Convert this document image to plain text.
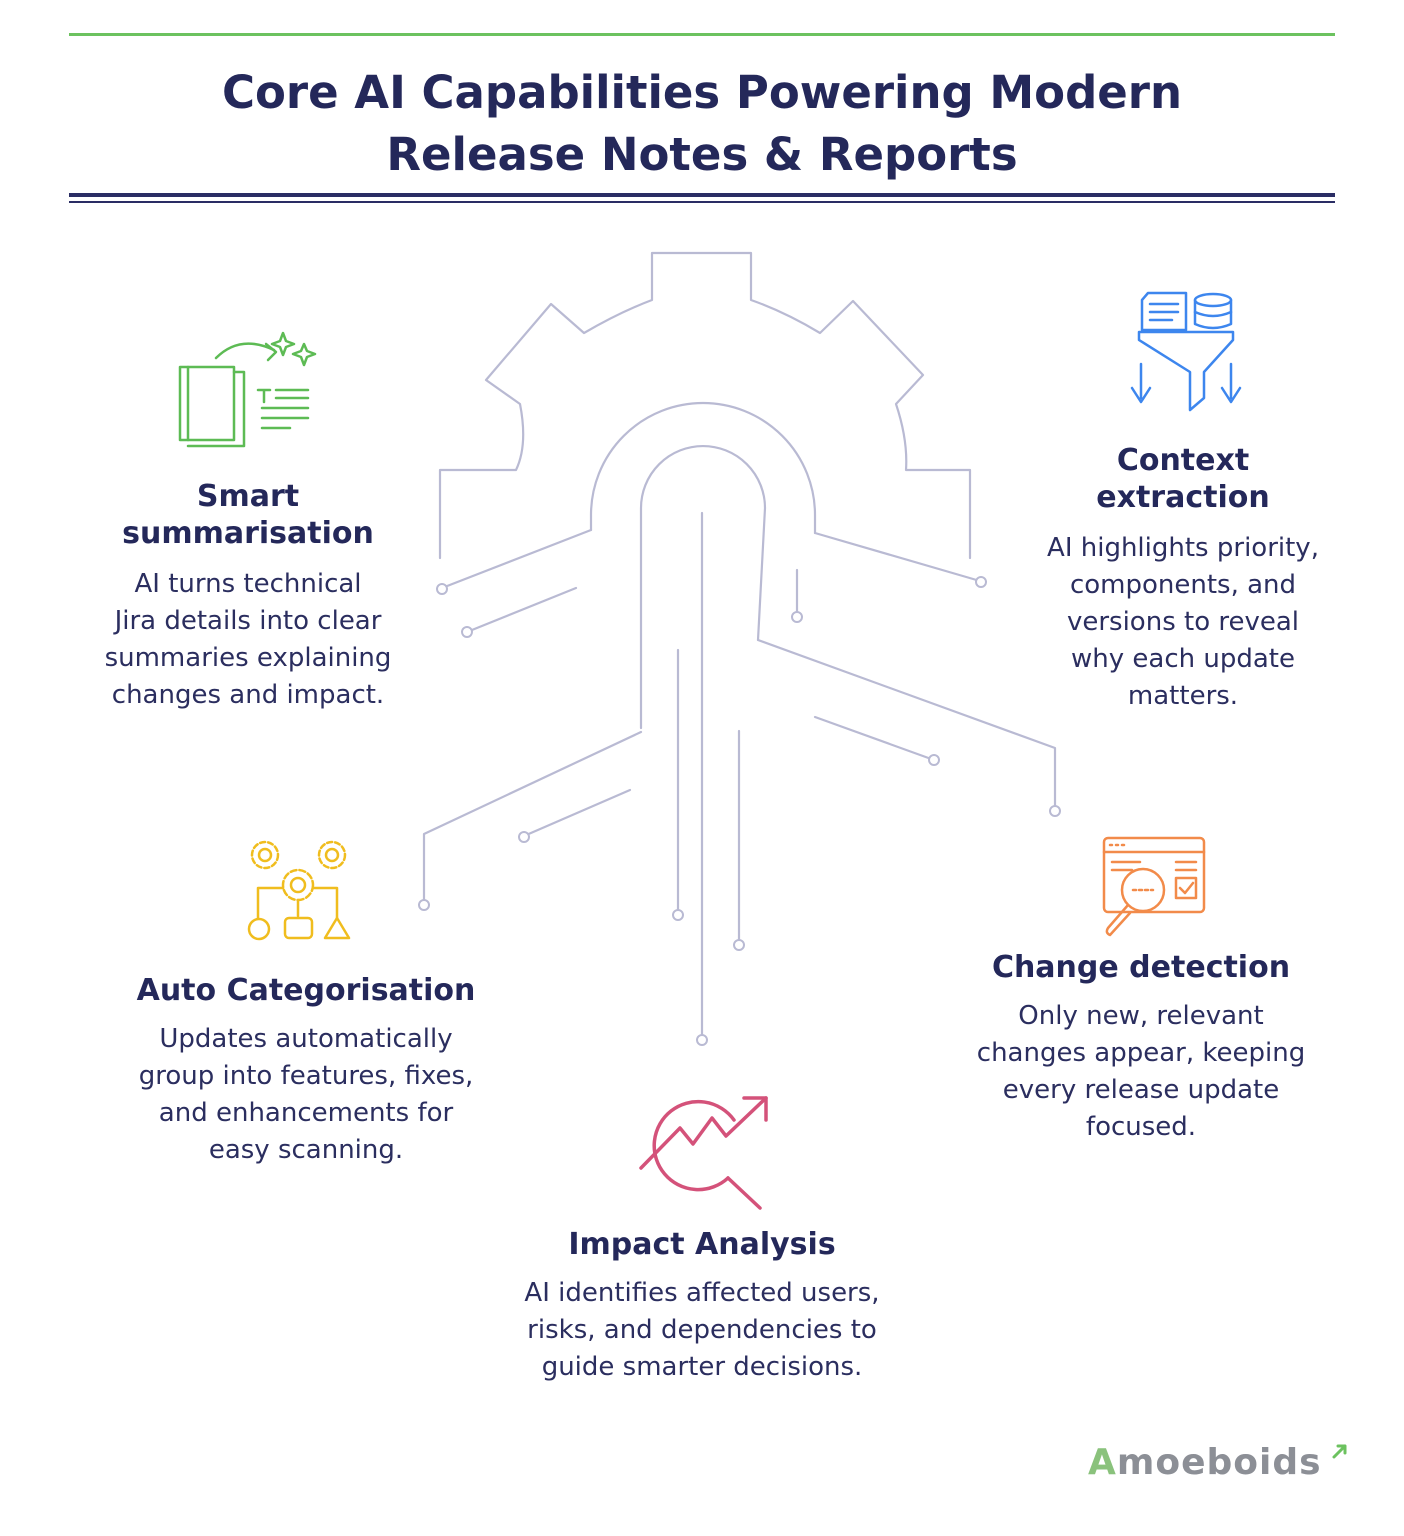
Core AI Capabilities Powering Modern
Release Notes & Reports
Smart
summarisation

AI turns technical
Jira details into clear
summaries explaining
changes and impact.

Context
extraction

AI highlights priority,
components, and
versions to reveal
why each update
matters.

Auto Categorisation

Updates automatically
group into features, fixes,
and enhancements for
easy scanning.

Change detection

Only new, relevant
changes appear, keeping
every release update
focused.

Impact Analysis

AI identifies affected users,
risks, and dependencies to
guide smarter decisions.

Amoeboids
